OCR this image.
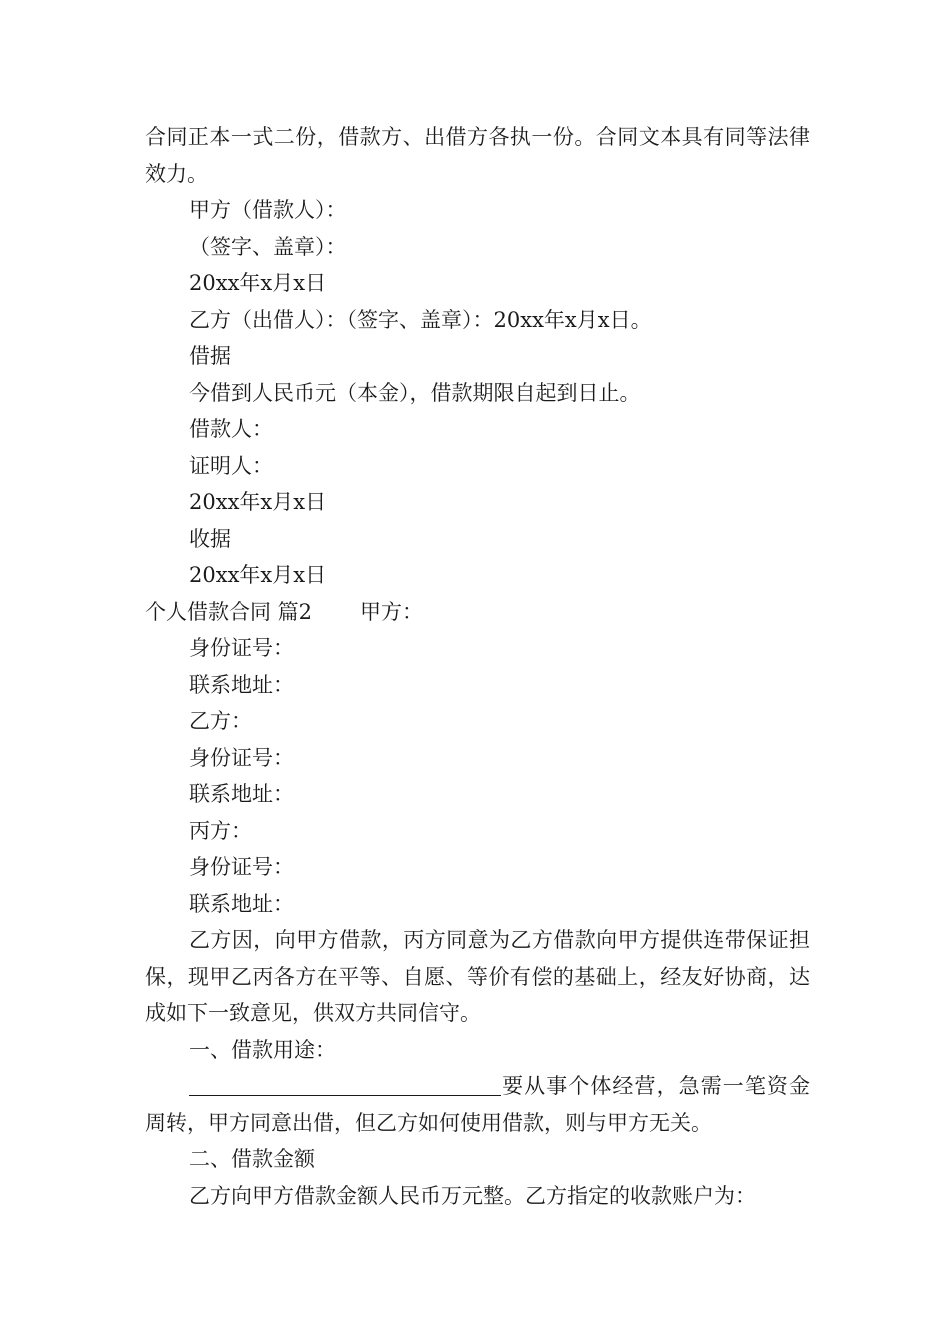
合同正本一式二份，借款方、出借方各执一份。合同文本具有同等法律效力。

甲方（借款人）：

（签字、盖章）：

20xx年x月x日

乙方（出借人）：（签字、盖章）：20xx年x月x日。

借据

今借到人民币元（本金），借款期限自起到日止。

借款人：

证明人：

20xx年x月x日

收据

20xx年x月x日

个人借款合同 篇2 甲方：

身份证号：

联系地址：

乙方：

身份证号：

联系地址：

丙方：

身份证号：

联系地址：

乙方因，向甲方借款，丙方同意为乙方借款向甲方提供连带保证担保，现甲乙丙各方在平等、自愿、等价有偿的基础上，经友好协商，达成如下一致意见，供双方共同信守。

一、借款用途：

要从事个体经营，急需一笔资金周转，甲方同意出借，但乙方如何使用借款，则与甲方无关。

二、借款金额

乙方向甲方借款金额人民币万元整。乙方指定的收款账户为：
